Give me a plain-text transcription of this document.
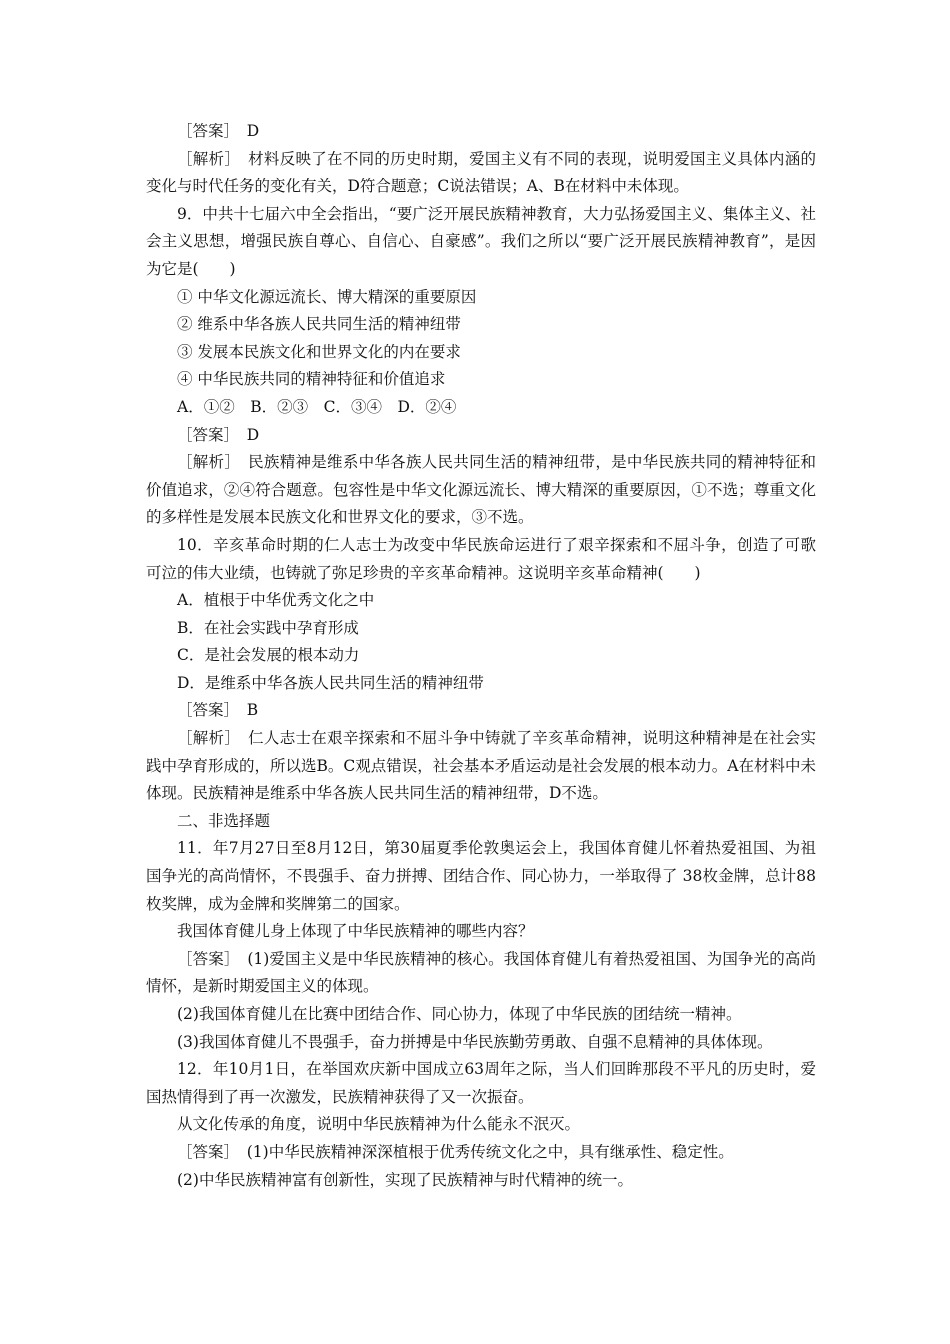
［答案］　D

［解析］　材料反映了在不同的历史时期，爱国主义有不同的表现，说明爱国主义具体内涵的变化与时代任务的变化有关，D符合题意；C说法错误；A、B在材料中未体现。

9．中共十七届六中全会指出，“要广泛开展民族精神教育，大力弘扬爱国主义、集体主义、社会主义思想，增强民族自尊心、自信心、自豪感”。我们之所以“要广泛开展民族精神教育”，是因为它是(　　)

① 中华文化源远流长、博大精深的重要原因

② 维系中华各族人民共同生活的精神纽带

③ 发展本民族文化和世界文化的内在要求

④ 中华民族共同的精神特征和价值追求

A．①②　B．②③　C．③④　D．②④

［答案］　D

［解析］　民族精神是维系中华各族人民共同生活的精神纽带，是中华民族共同的精神特征和价值追求，②④符合题意。包容性是中华文化源远流长、博大精深的重要原因，①不选；尊重文化的多样性是发展本民族文化和世界文化的要求，③不选。

10．辛亥革命时期的仁人志士为改变中华民族命运进行了艰辛探索和不屈斗争，创造了可歌可泣的伟大业绩，也铸就了弥足珍贵的辛亥革命精神。这说明辛亥革命精神(　　)

A．植根于中华优秀文化之中

B．在社会实践中孕育形成

C．是社会发展的根本动力

D．是维系中华各族人民共同生活的精神纽带

［答案］　B

［解析］　仁人志士在艰辛探索和不屈斗争中铸就了辛亥革命精神，说明这种精神是在社会实践中孕育形成的，所以选B。C观点错误，社会基本矛盾运动是社会发展的根本动力。A在材料中未体现。民族精神是维系中华各族人民共同生活的精神纽带，D不选。

二、非选择题

11．年7月27日至8月12日，第30届夏季伦敦奥运会上，我国体育健儿怀着热爱祖国、为祖国争光的高尚情怀，不畏强手、奋力拼搏、团结合作、同心协力，一举取得了 38枚金牌，总计88枚奖牌，成为金牌和奖牌第二的国家。

我国体育健儿身上体现了中华民族精神的哪些内容？

［答案］　(1)爱国主义是中华民族精神的核心。我国体育健儿有着热爱祖国、为国争光的高尚情怀，是新时期爱国主义的体现。

(2)我国体育健儿在比赛中团结合作、同心协力，体现了中华民族的团结统一精神。

(3)我国体育健儿不畏强手，奋力拼搏是中华民族勤劳勇敢、自强不息精神的具体体现。

12．年10月1日，在举国欢庆新中国成立63周年之际，当人们回眸那段不平凡的历史时，爱国热情得到了再一次激发，民族精神获得了又一次振奋。

从文化传承的角度，说明中华民族精神为什么能永不泯灭。

［答案］　(1)中华民族精神深深植根于优秀传统文化之中，具有继承性、稳定性。

(2)中华民族精神富有创新性，实现了民族精神与时代精神的统一。
